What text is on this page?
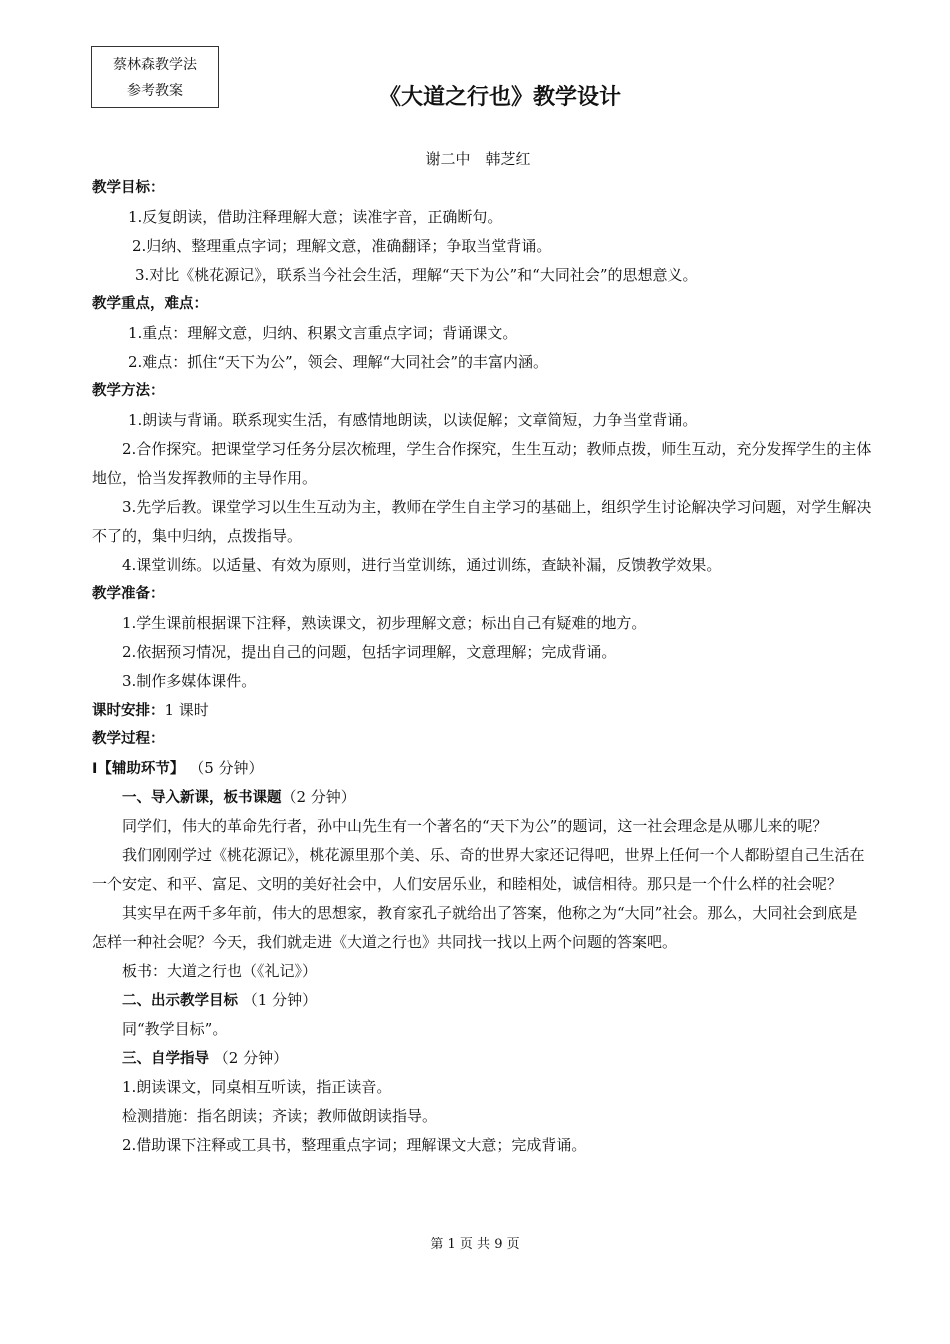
蔡林森教学法
参考教案	《大道之行也》教学设计
谢二中　韩芝红
教学目标：
1.反复朗读，借助注释理解大意；读准字音，正确断句。
2.归纳、整理重点字词；理解文意，准确翻译；争取当堂背诵。
3.对比《桃花源记》，联系当今社会生活，理解“天下为公”和“大同社会”的思想意义。
教学重点，难点：
1.重点：理解文意，归纳、积累文言重点字词；背诵课文。
2.难点：抓住“天下为公”，领会、理解“大同社会”的丰富内涵。
教学方法：
1.朗读与背诵。联系现实生活，有感情地朗读，以读促解；文章简短，力争当堂背诵。
2.合作探究。把课堂学习任务分层次梳理，学生合作探究，生生互动；教师点拨，师生互动，充分发挥学生的主体地位，恰当发挥教师的主导作用。
3.先学后教。课堂学习以生生互动为主，教师在学生自主学习的基础上，组织学生讨论解决学习问题，对学生解决不了的，集中归纳，点拨指导。
4.课堂训练。以适量、有效为原则，进行当堂训练，通过训练，查缺补漏，反馈教学效果。
教学准备：
1.学生课前根据课下注释，熟读课文，初步理解文意；标出自己有疑难的地方。
2.依据预习情况，提出自己的问题，包括字词理解，文意理解；完成背诵。
3.制作多媒体课件。
课时安排：1 课时
教学过程：
Ⅰ【辅助环节】 （5 分钟）
一、导入新课，板书课题（2 分钟）
同学们，伟大的革命先行者，孙中山先生有一个著名的“天下为公”的题词，这一社会理念是从哪儿来的呢？
我们刚刚学过《桃花源记》，桃花源里那个美、乐、奇的世界大家还记得吧，世界上任何一个人都盼望自己生活在一个安定、和平、富足、文明的美好社会中，人们安居乐业，和睦相处，诚信相待。那只是一个什么样的社会呢？
其实早在两千多年前，伟大的思想家，教育家孔子就给出了答案，他称之为“大同”社会。那么，大同社会到底是怎样一种社会呢？今天，我们就走进《大道之行也》共同找一找以上两个问题的答案吧。
板书：大道之行也（《礼记》）
二、出示教学目标 （1 分钟）
同“教学目标”。
三、自学指导 （2 分钟）
1.朗读课文，同桌相互听读，指正读音。
检测措施：指名朗读；齐读；教师做朗读指导。
2.借助课下注释或工具书，整理重点字词；理解课文大意；完成背诵。
第 1 页 共 9 页
